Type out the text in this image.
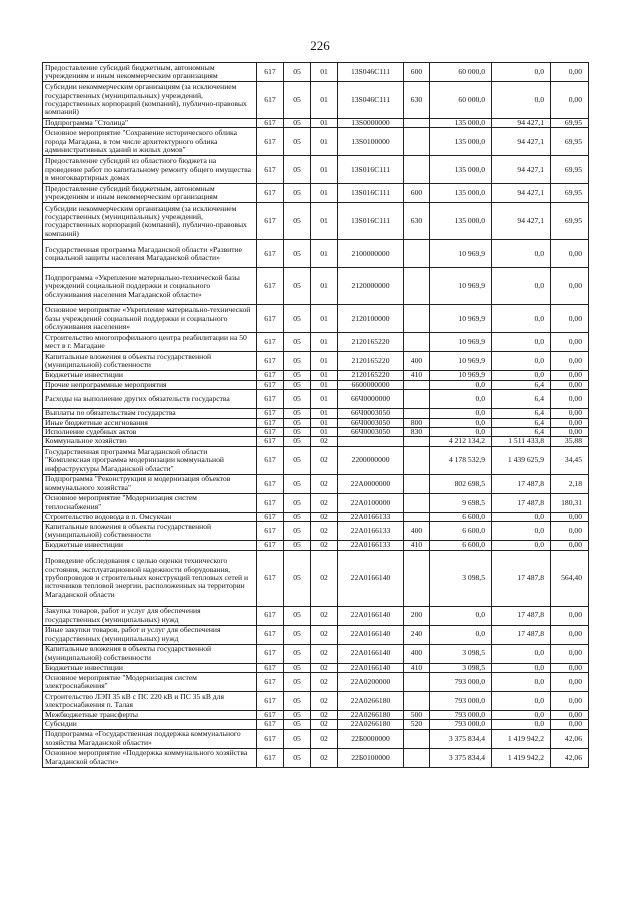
226
Предоставление субсидий бюджетным, автономным учреждениям и иным некоммерческим организациям	617	05	01	13S046C111	600	60 000,0	0,0	0,00
Субсидии некоммерческим организациям (за исключением государственных (муниципальных) учреждений, государственных корпораций (компаний), публично-правовых компаний)	617	05	01	13S046C111	630	60 000,0	0,0	0,00
Подпрограмма "Столица"	617	05	01	13S0000000		135 000,0	94 427,1	69,95
Основное мероприятие "Сохранение исторического облика города Магадана, в том числе архитектурного облика административных зданий и жилых домов"	617	05	01	13S0100000		135 000,0	94 427,1	69,95
Предоставление субсидий из областного бюджета на проведение работ по капитальному ремонту общего имущества в многоквартирных домах	617	05	01	13S016C111		135 000,0	94 427,1	69,95
Предоставление субсидий бюджетным, автономным учреждениям и иным некоммерческим организациям	617	05	01	13S016C111	600	135 000,0	94 427,1	69,95
Субсидии некоммерческим организациям (за исключением государственных (муниципальных) учреждений, государственных корпораций (компаний), публично-правовых компаний)	617	05	01	13S016C111	630	135 000,0	94 427,1	69,95
Государственная программа Магаданской области «Развитие социальной защиты населения Магаданской области»	617	05	01	2100000000		10 969,9	0,0	0,00
Подпрограмма «Укрепление материально-технической базы учреждений социальной поддержки и социального обслуживания населения Магаданской области»	617	05	01	2120000000		10 969,9	0,0	0,00
Основное мероприятие «Укрепление материально-технической базы учреждений социальной поддержки и социального обслуживания населения»	617	05	01	2120100000		10 969,9	0,0	0,00
Строительство многопрофильного центра реабилитации на 50 мест в г. Магадане	617	05	01	2120165220		10 969,9	0,0	0,00
Капитальные вложения в объекты государственной (муниципальной) собственности	617	05	01	2120165220	400	10 969,9	0,0	0,00
Бюджетные инвестиции	617	05	01	2120165220	410	10 969,9	0,0	0,00
Прочие непрограммные мероприятия	617	05	01	6600000000		0,0	6,4	0,00
Расходы на выполнение других обязательств государства	617	05	01	66Ч0000000		0,0	6,4	0,00
Выплаты по обязательствам государства	617	05	01	66Ч0003050		0,0	6,4	0,00
Иные бюджетные ассигнования	617	05	01	66Ч0003050	800	0,0	6,4	0,00
Исполнение судебных актов	617	05	01	66Ч0003050	830	0,0	6,4	0,00
Коммунальное хозяйство	617	05	02			4 212 134,2	1 511 433,8	35,88
Государственная программа Магаданской области "Комплексная программа модернизации коммунальной инфраструктуры Магаданской области"	617	05	02	2200000000		4 178 532,9	1 439 625,9	34,45
Подпрограмма "Реконструкция и модернизация объектов коммунального хозяйства"	617	05	02	22A0000000		802 698,5	17 487,8	2,18
Основное мероприятие "Модернизация систем теплоснабжения"	617	05	02	22A0100000		9 698,5	17 487,8	180,31
Строительство водовода в п. Омсукчан	617	05	02	22A0166133		6 600,0	0,0	0,00
Капитальные вложения в объекты государственной (муниципальной) собственности	617	05	02	22A0166133	400	6 600,0	0,0	0,00
Бюджетные инвестиции	617	05	02	22A0166133	410	6 600,0	0,0	0,00
Проведение обследования с целью оценки технического состояния, эксплуатационной надежности оборудования, трубопроводов и строительных конструкций тепловых сетей и источников тепловой энергии, расположенных на территории Магаданской области	617	05	02	22A0166140		3 098,5	17 487,8	564,40
Закупка товаров, работ и услуг для обеспечения государственных (муниципальных) нужд	617	05	02	22A0166140	200	0,0	17 487,8	0,00
Иные закупки товаров, работ и услуг для обеспечения государственных (муниципальных) нужд	617	05	02	22A0166140	240	0,0	17 487,8	0,00
Капитальные вложения в объекты государственной (муниципальной) собственности	617	05	02	22A0166140	400	3 098,5	0,0	0,00
Бюджетные инвестиции	617	05	02	22A0166140	410	3 098,5	0,0	0,00
Основное мероприятие "Модернизация систем электроснабжения"	617	05	02	22A0200000		793 000,0	0,0	0,00
Строительство ЛЭП 35 кВ с ПС 220 кВ и ПС 35 кВ для электроснабжения п. Талая	617	05	02	22A0266180		793 000,0	0,0	0,00
Межбюджетные трансферты	617	05	02	22A0266180	500	793 000,0	0,0	0,00
Субсидии	617	05	02	22A0266180	520	793 000,0	0,0	0,00
Подпрограмма «Государственная поддержка коммунального хозяйства Магаданской области»	617	05	02	22Б0000000		3 375 834,4	1 419 942,2	42,06
Основное мероприятие «Поддержка коммунального хозяйства Магаданской области»	617	05	02	22Б0100000		3 375 834,4	1 419 942,2	42,06
